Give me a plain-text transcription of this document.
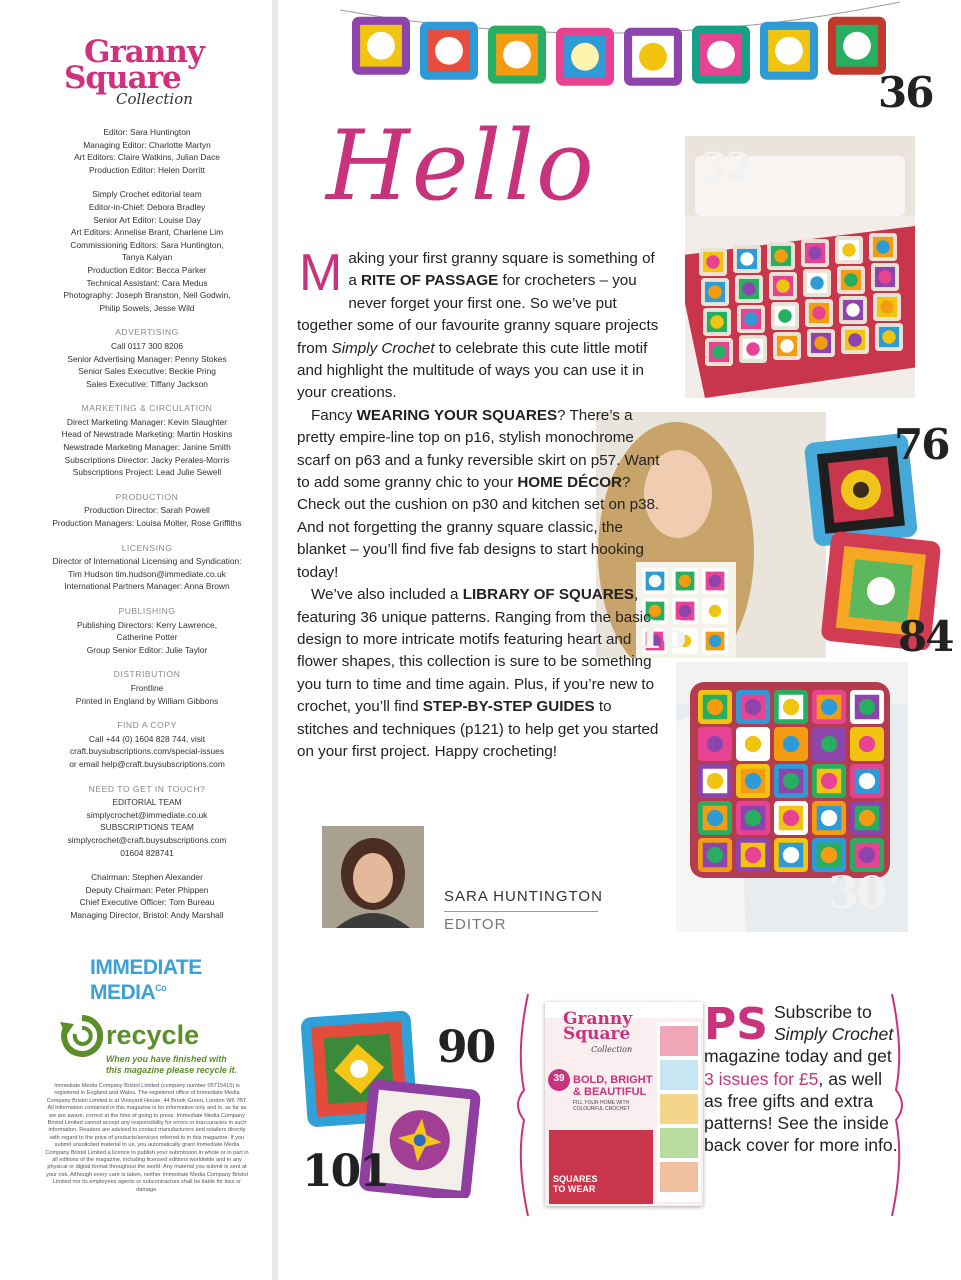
Granny
Square
Collection
Editor: Sara Huntington
Managing Editor: Charlotte Martyn
Art Editors: Claire Watkins, Julian Dace
Production Editor: Helen Dorritt
Simply Crochet editorial team
Editor-in-Chief: Debora Bradley
Senior Art Editor: Louise Day
Art Editors: Annelise Brant, Charlene Lim
Commissioning Editors: Sara Huntington,
Tanya Kalyan
Production Editor: Becca Parker
Technical Assistant: Cara Medus
Photography: Joseph Branston, Neil Godwin,
Philip Sowels, Jesse Wild
ADVERTISING
Call 0117 300 8206
Senior Advertising Manager: Penny Stokes
Senior Sales Executive: Beckie Pring
Sales Executive: Tiffany Jackson
MARKETING & CIRCULATION
Direct Marketing Manager: Kevin Slaughter
Head of Newstrade Marketing: Martin Hoskins
Newstrade Marketing Manager: Janine Smith
Subscriptions Director: Jacky Perales-Morris
Subscriptions Project: Lead Julie Sewell
PRODUCTION
Production Director: Sarah Powell
Production Managers: Louisa Molter, Rose Griffiths
LICENSING
Director of International Licensing and Syndication:
Tim Hudson tim.hudson@immediate.co.uk
International Partners Manager: Anna Brown
PUBLISHING
Publishing Directors: Kerry Lawrence,
Catherine Potter
Group Senior Editor: Julie Taylor
DISTRIBUTION
Frontline
Printed in England by William Gibbons
FIND A COPY
Call +44 (0) 1604 828 744, visit
craft.buysubscriptions.com/special-issues
or email help@craft.buysubscriptions.com
NEED TO GET IN TOUCH?
EDITORIAL TEAM
simplycrochet@immediate.co.uk
SUBSCRIPTIONS TEAM
simplycrochet@craft.buysubscriptions.com
01604 828741
Chairman: Stephen Alexander
Deputy Chairman: Peter Phippen
Chief Executive Officer: Tom Bureau
Managing Director, Bristol: Andy Marshall
IMMEDIATE
$MEDIA^{Co}$
recycle
When you have finished with
this magazine please recycle it.
Immediate Media Company Bristol Limited (company number 05715415) is registered in England and Wales. The registered office of Immediate Media Company Bristol Limited is at Vineyard House, 44 Brook Green, London W6 7BT. All information contained in this magazine is for information only and is, as far as we are aware, correct at the time of going to press. Immediate Media Company Bristol Limited cannot accept any responsibility for errors or inaccuracies in such information. Readers are advised to contact manufacturers and retailers directly with regard to the price of products/services referred to in this magazine. If you submit unsolicited material to us, you automatically grant Immediate Media Company Bristol Limited a licence to publish your submission in whole or in part in all editions of the magazine, including licensed editions worldwide and in any physical or digital format throughout the world. Any material you submit is sent at your risk. Although every care is taken, neither Immediate Media Company Bristol Limited nor its employees agents or subcontractors shall be liable for loss or damage.
36
Hello	32
16
76
84
30

Making your first granny square is something of a RITE OF PASSAGE for crocheters – you never forget your first one. So we’ve put together some of our favourite granny square projects from Simply Crochet to celebrate this cute little motif and highlight the multitude of ways you can use it in your creations.

Fancy WEARING YOUR SQUARES? There’s a pretty empire-line top on p16, stylish monochrome scarf on p63 and a funky reversible skirt on p57. Want to add some granny chic to your HOME DÉCOR? Check out the cushion on p30 and kitchen set on p38. And not forgetting the granny square classic, the blanket – you’ll find five fab designs to start hooking today!

We’ve also included a LIBRARY OF SQUARES, featuring 36 unique patterns. Ranging from the basic design to more intricate motifs featuring heart and flower shapes, this collection is sure to be something you turn to time and time again. Plus, if you’re new to crochet, you’ll find STEP-BY-STEP GUIDES to stitches and techniques (p121) to help get you started on your first project. Happy crocheting!

SARA HUNTINGTON
EDITOR
90
101
Granny
Square
Collection
39 BOLD, BRIGHT
& BEAUTIFUL
FILL YOUR HOME WITH COLOURFUL CROCHET
SQUARES
TO WEAR
PS Subscribe to Simply Crochet magazine today and get 3 issues for £5, as well as free gifts and extra patterns! See the inside back cover for more info.
